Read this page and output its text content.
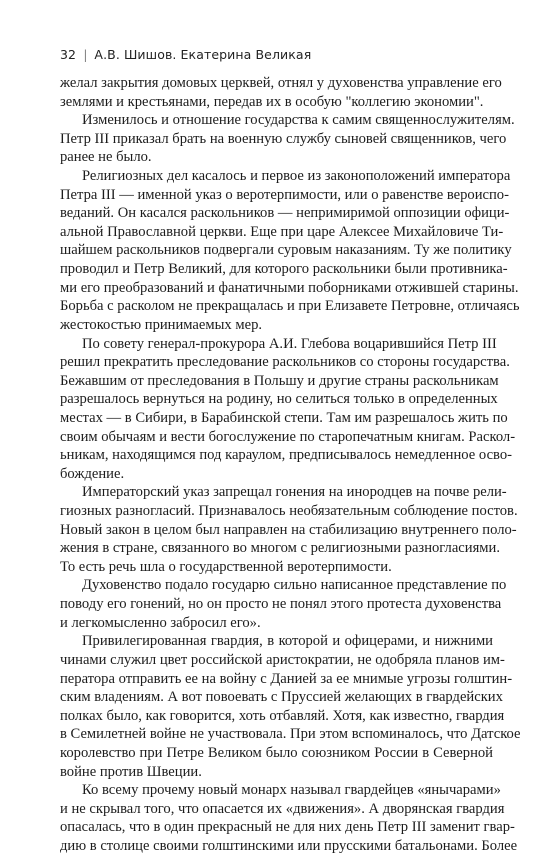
32 | А.В. Шишов. Екатерина Великая
желал закрытия домовых церквей, отнял у духовенства управление его
землями и крестьянами, передав их в особую "коллегию экономии".
Изменилось и отношение государства к самим священнослужителям.
Петр III приказал брать на военную службу сыновей священников, чего
ранее не было.
Религиозных дел касалось и первое из законоположений императора
Петра III — именной указ о веротерпимости, или о равенстве вероиспо-
веданий. Он касался раскольников — непримиримой оппозиции офици-
альной Православной церкви. Еще при царе Алексее Михайловиче Ти-
шайшем раскольников подвергали суровым наказаниям. Ту же политику
проводил и Петр Великий, для которого раскольники были противника-
ми его преобразований и фанатичными поборниками отжившей старины.
Борьба с расколом не прекращалась и при Елизавете Петровне, отличаясь
жестокостью принимаемых мер.
По совету генерал-прокурора А.И. Глебова воцарившийся Петр III
решил прекратить преследование раскольников со стороны государства.
Бежавшим от преследования в Польшу и другие страны раскольникам
разрешалось вернуться на родину, но селиться только в определенных
местах — в Сибири, в Барабинской степи. Там им разрешалось жить по
своим обычаям и вести богослужение по старопечатным книгам. Раскол-
ьникам, находящимся под караулом, предписывалось немедленное осво-
бождение.
Императорский указ запрещал гонения на инородцев на почве рели-
гиозных разногласий. Признавалось необязательным соблюдение постов.
Новый закон в целом был направлен на стабилизацию внутреннего поло-
жения в стране, связанного во многом с религиозными разногласиями.
То есть речь шла о государственной веротерпимости.
Духовенство подало государю сильно написанное представление по
поводу его гонений, но он просто не понял этого протеста духовенства
и легкомысленно забросил его».
Привилегированная гвардия, в которой и офицерами, и нижними
чинами служил цвет российской аристократии, не одобряла планов им-
ператора отправить ее на войну с Данией за ее мнимые угрозы голштин-
ским владениям. А вот повоевать с Пруссией желающих в гвардейских
полках было, как говорится, хоть отбавляй. Хотя, как известно, гвардия
в Семилетней войне не участвовала. При этом вспоминалось, что Датское
королевство при Петре Великом было союзником России в Северной
войне против Швеции.
Ко всему прочему новый монарх называл гвардейцев «янычарами»
и не скрывал того, что опасается их «движения». А дворянская гвардия
опасалась, что в один прекрасный не для них день Петр III заменит гвар-
дию в столице своими голштинскими или прусскими батальонами. Более
